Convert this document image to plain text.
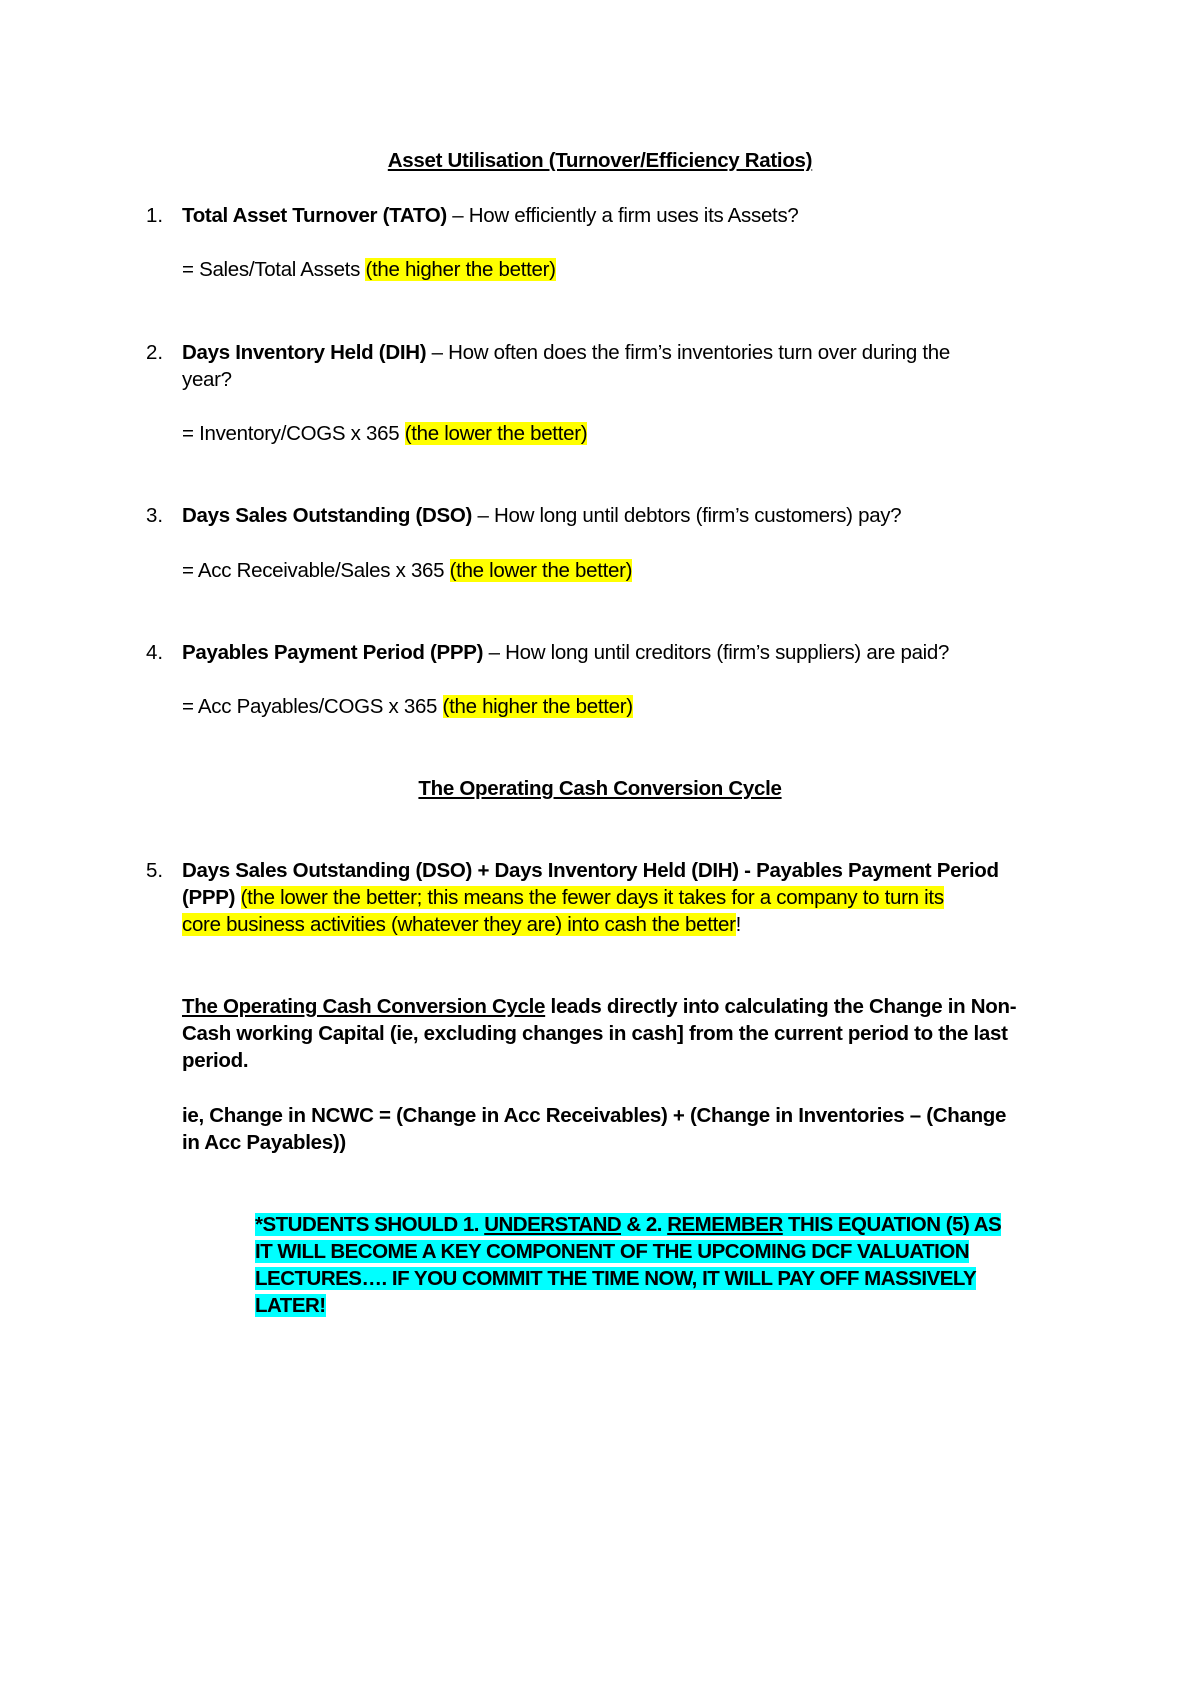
Asset Utilisation (Turnover/Efficiency Ratios)
1. Total Asset Turnover (TATO) – How efficiently a firm uses its Assets?
= Sales/Total Assets (the higher the better)
2. Days Inventory Held (DIH) – How often does the firm’s inventories turn over during the
year?
= Inventory/COGS x 365 (the lower the better)
3. Days Sales Outstanding (DSO) – How long until debtors (firm’s customers) pay?
= Acc Receivable/Sales x 365 (the lower the better)
4. Payables Payment Period (PPP) – How long until creditors (firm’s suppliers) are paid?
= Acc Payables/COGS x 365 (the higher the better)
The Operating Cash Conversion Cycle
5. Days Sales Outstanding (DSO) + Days Inventory Held (DIH) - Payables Payment Period
(PPP) (the lower the better; this means the fewer days it takes for a company to turn its
core business activities (whatever they are) into cash the better!
The Operating Cash Conversion Cycle leads directly into calculating the Change in Non-
Cash working Capital (ie, excluding changes in cash] from the current period to the last
period.
ie, Change in NCWC = (Change in Acc Receivables) + (Change in Inventories – (Change
in Acc Payables))
*STUDENTS SHOULD 1. UNDERSTAND & 2. REMEMBER THIS EQUATION (5) AS
IT WILL BECOME A KEY COMPONENT OF THE UPCOMING DCF VALUATION
LECTURES…. IF YOU COMMIT THE TIME NOW, IT WILL PAY OFF MASSIVELY
LATER!
